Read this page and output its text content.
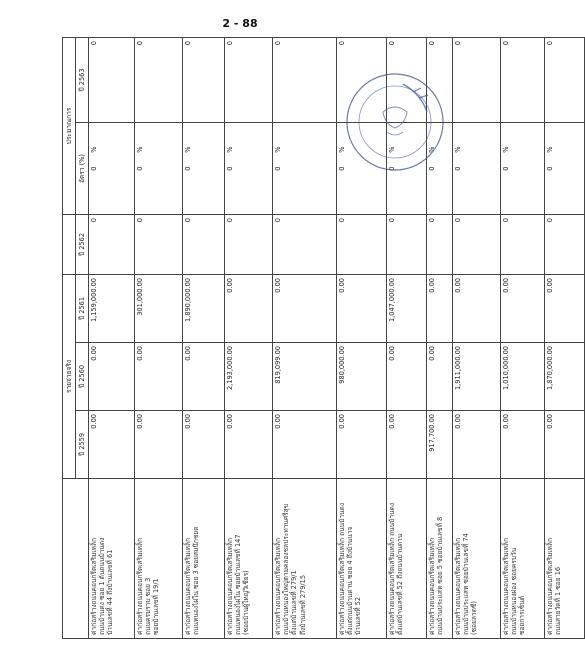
2 - 88
	รายจ่ายจริง				ประมาณการ	
	ปี 2559	ปี 2560	ปี 2561	ปี 2562	อัตรา (%)	ปี 2563

ค่าก่อสร้างถนนคอนกรีตเสริมเหล็ก
ถนนบ้านดง ซอย 1 ต้นถนนบ้านดง
บ้านเลขที่ 44 ถึงบ้านเลขที่ 61	0.00	0.00	1,159,000.00	0	0%	0

ค่าก่อสร้างถนนคอนกรีตเสริมเหล็ก
ถนนครบราบ ซอย 3
ซอยบ้านเลขที่ 19/1	0.00	0.00	301,000.00	0	0%	0

ค่าก่อสร้างถนนคอนกรีตเสริมเหล็ก
ถนนหนองไผ่ใน ซอย 3 ซอยสมนึกชยด	0.00	0.00	1,890,000.00	0	0%	0

ค่าก่อสร้างถนนคอนกรีตเสริมเหล็ก
ถนนหนองไผ่ใน ซอยบ้านเลขที่ 147
(ซอยบ้านผู้ใหญ่วิเชียร)	0.00	2,193,000.00	0.00	0	0%	0

ค่าก่อสร้างถนนคอนกรีตเสริมเหล็ก
ถนนบ้านหนองใหญ่ตามคลองชลประทานศรีสุข
ตั้งแต่บ้านเลขที่ 279/1
ถึงบ้านเลขที่ 279/15	0.00	819,099.00	0.00	0	0%	0

ค่าก่อสร้างถนนคอนกรีตเสริมเหล็ก ถนนบ้านดง
ตั้งแต่ถนนบ้านดาน ซอย 4 ถึงบ้านนาจ
บ้านเลขที่ 52	0.00	980,000.00	0.00	0	0%	0

ค่าก่อสร้างถนนคอนกรีตเสริมเหล็ก ถนนบ้านดง
ตั้งแต่บ้านเลขที่ 52 ถึงถนนบ้านดาน	0.00	0.00	1,047,000.00	0	0%	0

ค่าก่อสร้างถนนคอนกรีตเสริมเหล็ก
ถนนบ้านประแสห ซอย 5 ซอยบ้านเลขที่ 8	917,700.00	0.00	0.00	0	0%	0

ค่าก่อสร้างถนนคอนกรีตเสริมเหล็ก
ถนนบ้านประแสห ซอยบ้านเลขที่ 74
(ซอยลาดซี)	0.00	1,911,000.00	0.00	0	0%	0

ค่าก่อสร้างถนนคอนกรีตเสริมเหล็ก
ถนนบ้านหนองผ่อง ซอยครบวัน
ซอยการเซ็นต์	0.00	1,010,000.00	0.00	0	0%	0

ค่าก่อสร้างถนนคอนกรีตเสริมเหล็ก
ถนนสายวัดที่ 1 ซอย 16	0.00	1,870,000.00	0.00	0	0%	0
